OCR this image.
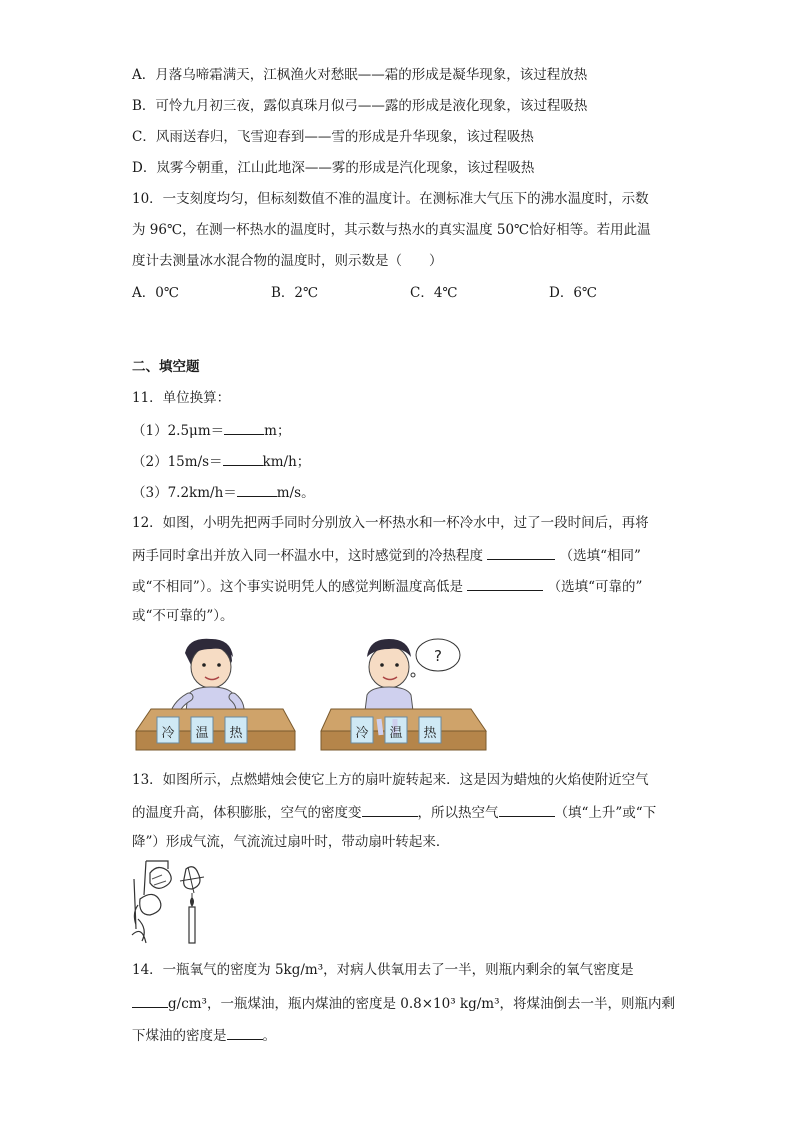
A．月落乌啼霜满天，江枫渔火对愁眠——霜的形成是凝华现象，该过程放热
B．可怜九月初三夜，露似真珠月似弓——露的形成是液化现象，该过程吸热
C．风雨送春归，飞雪迎春到——雪的形成是升华现象，该过程吸热
D．岚雾今朝重，江山此地深——雾的形成是汽化现象，该过程吸热
10．一支刻度均匀，但标刻数值不准的温度计。在测标准大气压下的沸水温度时，示数
为 96℃，在测一杯热水的温度时，其示数与热水的真实温度 50℃恰好相等。若用此温
度计去测量冰水混合物的温度时，则示数是（　　）
A．0℃	B．2℃	C．4℃	D．6℃
二、填空题
11．单位换算：
（1）2.5μm＝	m；
（2）15m/s＝	km/h；
（3）7.2km/h＝	m/s。
12．如图，小明先把两手同时分别放入一杯热水和一杯冷水中，过了一段时间后，再将
两手同时拿出并放入同一杯温水中，这时感觉到的冷热程度	（选填“相同”
或“不相同”）。这个事实说明凭人的感觉判断温度高低是	（选填“可靠的”
或“不可靠的”）。
冷 温 热
?
冷 温 热
13．如图所示，点燃蜡烛会使它上方的扇叶旋转起来．这是因为蜡烛的火焰使附近空气
的温度升高，体积膨胀，空气的密度变	，所以热空气	（填“上升”或“下
降”）形成气流，气流流过扇叶时，带动扇叶转起来．
14．一瓶氧气的密度为 5kg/m³，对病人供氧用去了一半，则瓶内剩余的氧气密度是
g/cm³，一瓶煤油，瓶内煤油的密度是 0.8×10³ kg/m³，将煤油倒去一半，则瓶内剩
下煤油的密度是	。
